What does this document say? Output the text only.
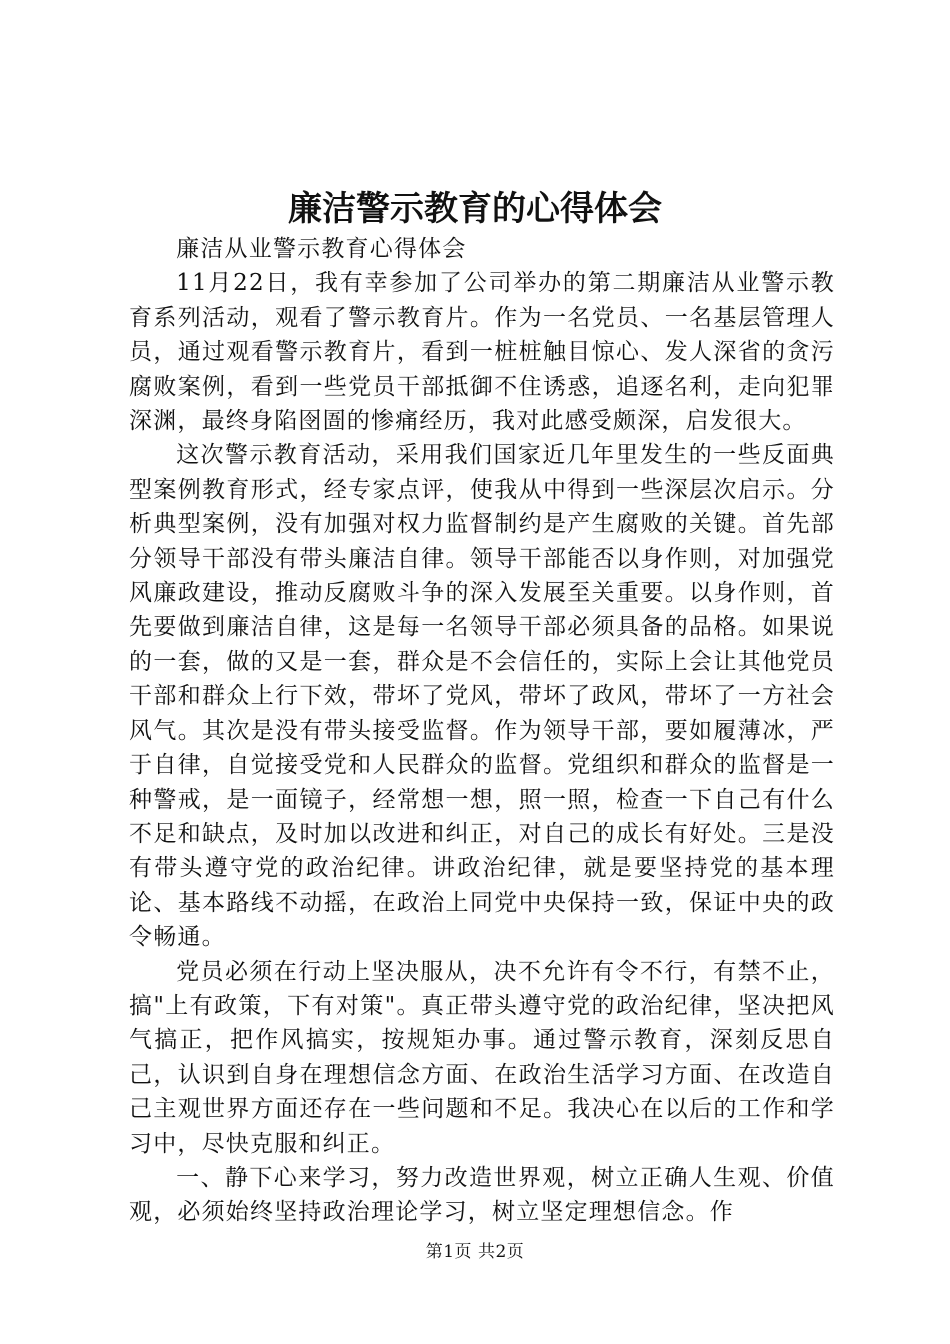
廉洁警示教育的心得体会

廉洁从业警示教育心得体会

11月22日，我有幸参加了公司举办的第二期廉洁从业警示教育系列活动，观看了警示教育片。作为一名党员、一名基层管理人员，通过观看警示教育片，看到一桩桩触目惊心、发人深省的贪污腐败案例，看到一些党员干部抵御不住诱惑，追逐名利，走向犯罪深渊，最终身陷囹圄的惨痛经历，我对此感受颇深，启发很大。

这次警示教育活动，采用我们国家近几年里发生的一些反面典型案例教育形式，经专家点评，使我从中得到一些深层次启示。分析典型案例，没有加强对权力监督制约是产生腐败的关键。首先部分领导干部没有带头廉洁自律。领导干部能否以身作则，对加强党风廉政建设，推动反腐败斗争的深入发展至关重要。以身作则，首先要做到廉洁自律，这是每一名领导干部必须具备的品格。如果说的一套，做的又是一套，群众是不会信任的，实际上会让其他党员干部和群众上行下效，带坏了党风，带坏了政风，带坏了一方社会风气。其次是没有带头接受监督。作为领导干部，要如履薄冰，严于自律，自觉接受党和人民群众的监督。党组织和群众的监督是一种警戒，是一面镜子，经常想一想，照一照，检查一下自己有什么不足和缺点，及时加以改进和纠正，对自己的成长有好处。三是没有带头遵守党的政治纪律。讲政治纪律，就是要坚持党的基本理论、基本路线不动摇，在政治上同党中央保持一致，保证中央的政令畅通。

党员必须在行动上坚决服从，决不允许有令不行，有禁不止，搞"上有政策，下有对策"。真正带头遵守党的政治纪律，坚决把风气搞正，把作风搞实，按规矩办事。通过警示教育，深刻反思自己，认识到自身在理想信念方面、在政治生活学习方面、在改造自己主观世界方面还存在一些问题和不足。我决心在以后的工作和学习中，尽快克服和纠正。

一、静下心来学习，努力改造世界观，树立正确人生观、价值观，必须始终坚持政治理论学习，树立坚定理想信念。作

第1页 共2页
